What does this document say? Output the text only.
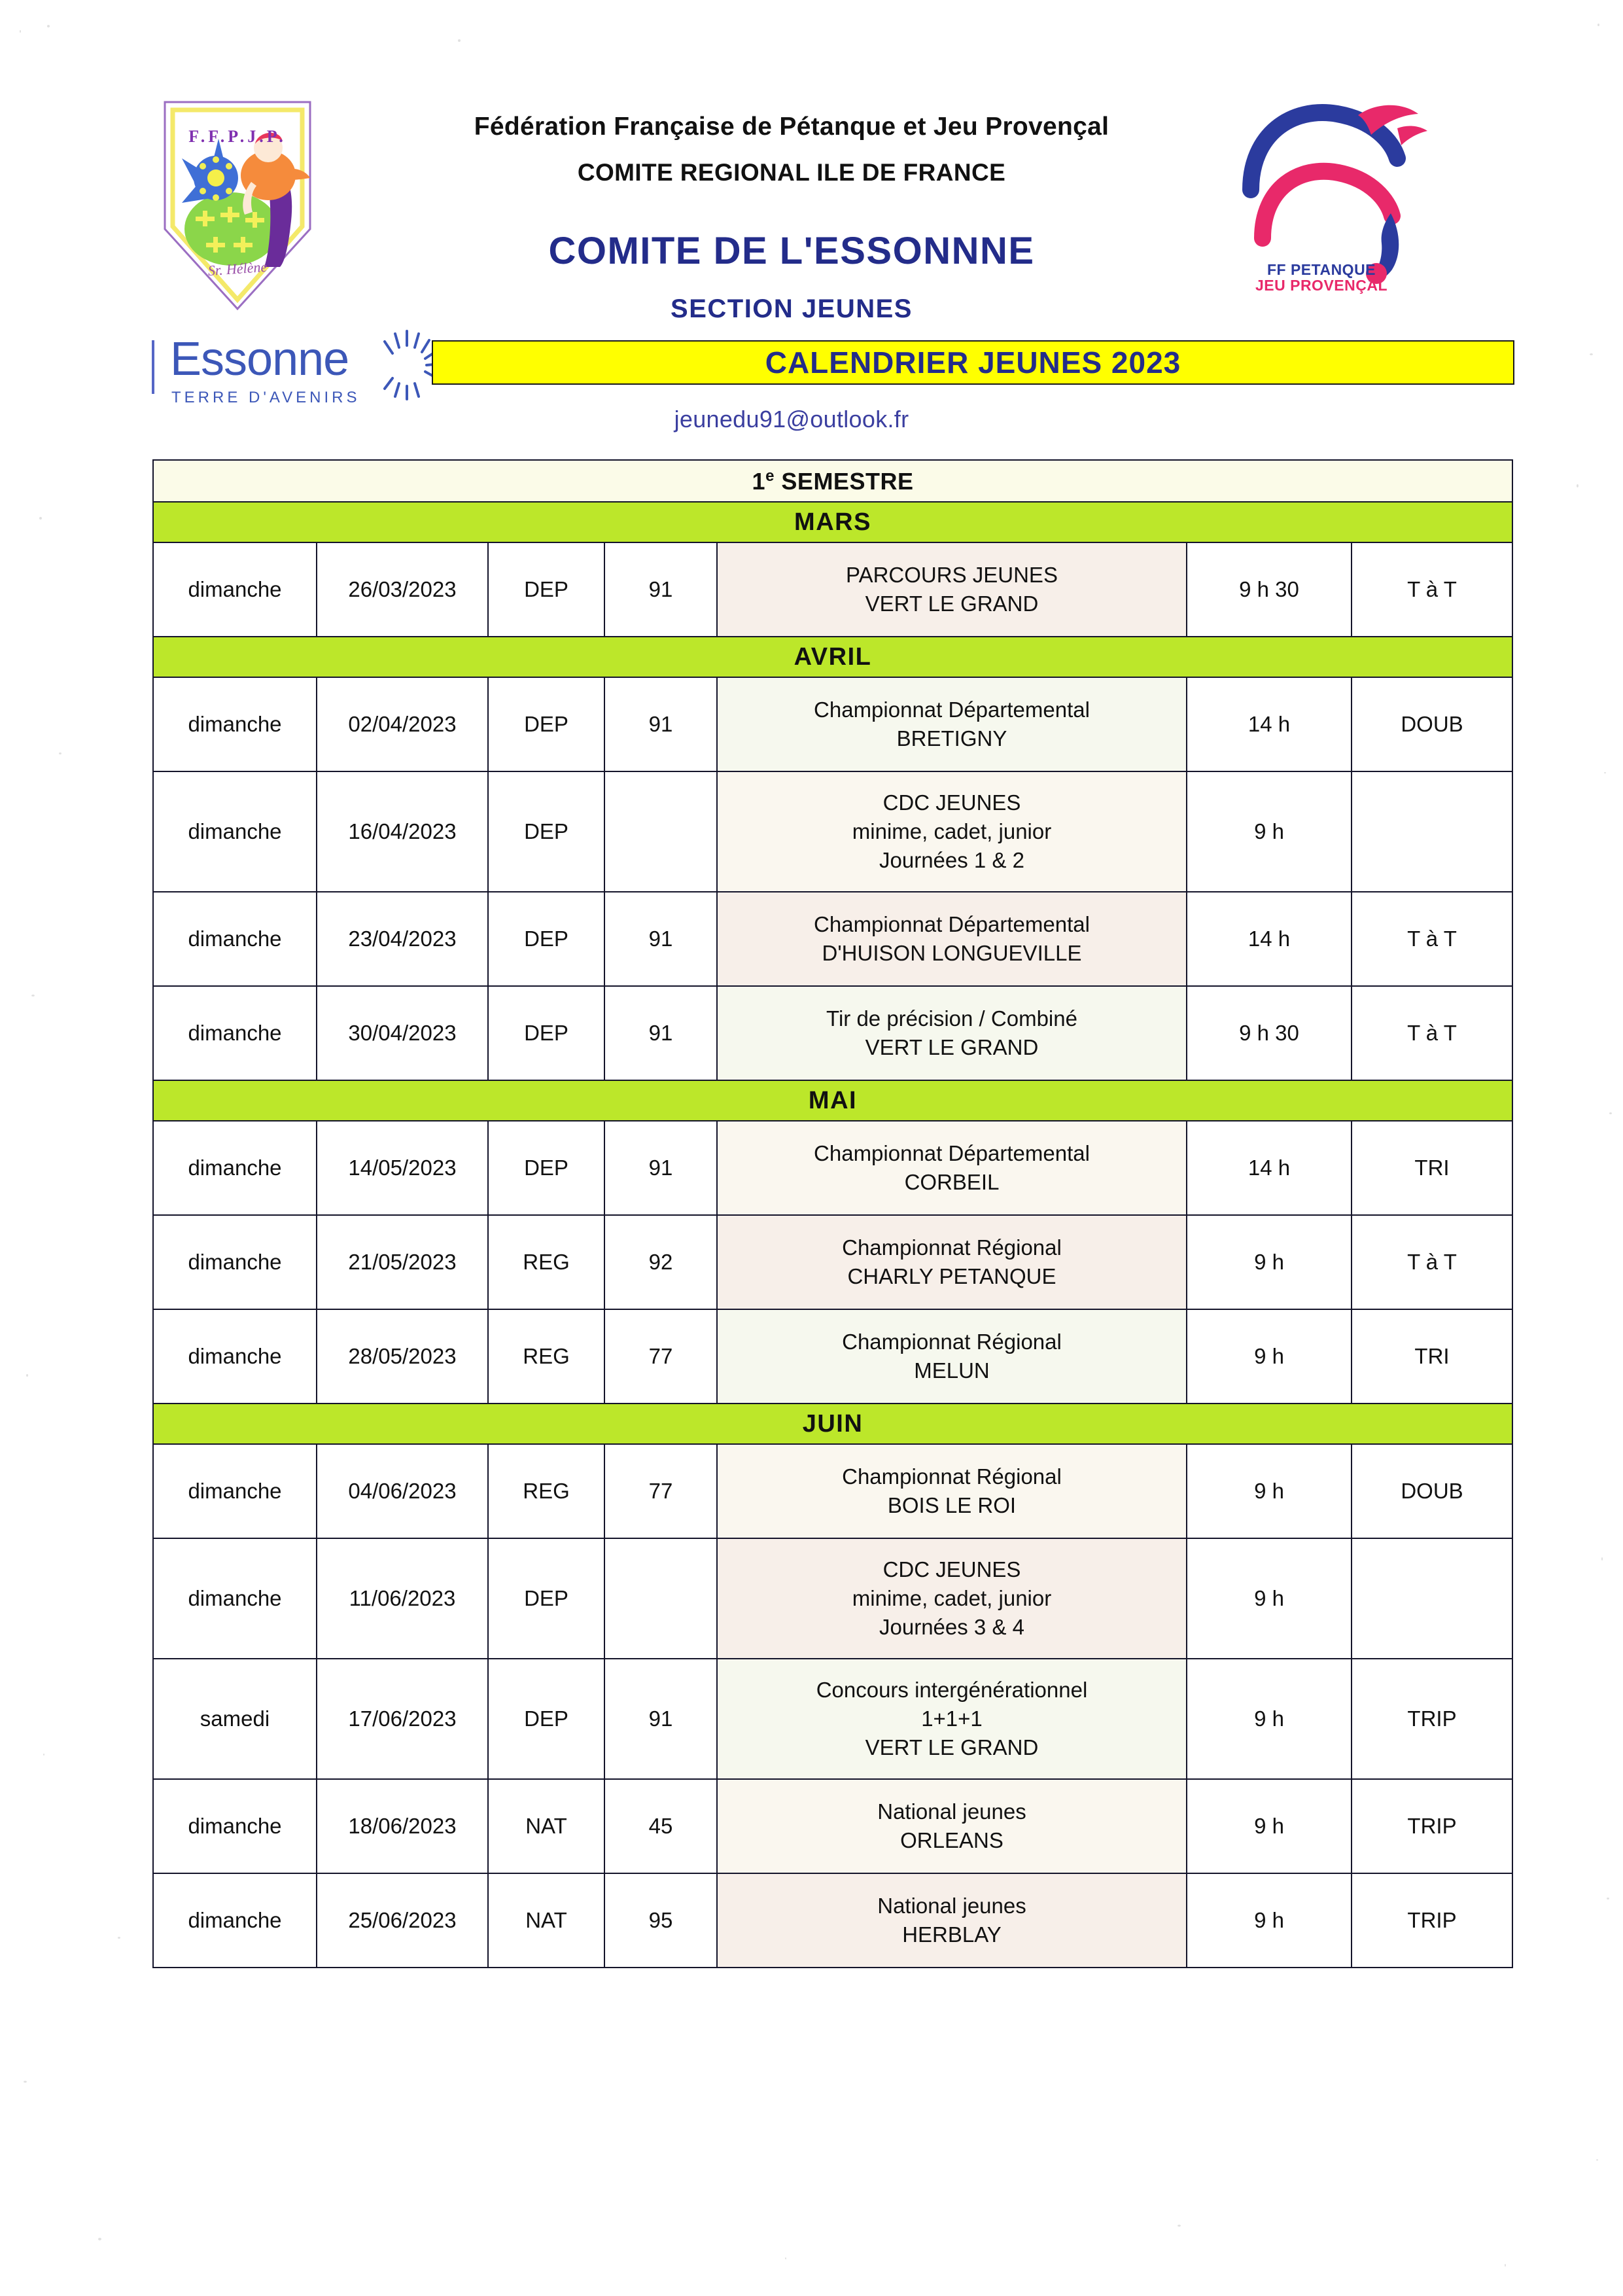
F.F.P.J.P.
Sr. Hélène	FF PETANQUE
JEU PROVENÇAL
Essonne
TERRE D'AVENIRS
Fédération Française de Pétanque et Jeu Provençal
COMITE REGIONAL ILE DE FRANCE
COMITE DE L'ESSONNNE
SECTION JEUNES
CALENDRIER JEUNES 2023
jeunedu91@outlook.fr
1e SEMESTRE						
MARS						
dimanche	26/03/2023	DEP	91	PARCOURS JEUNES
VERT LE GRAND	9 h 30	T à T
AVRIL						
dimanche	02/04/2023	DEP	91	Championnat Départemental
BRETIGNY	14 h	DOUB
dimanche	16/04/2023	DEP		CDC JEUNES
minime, cadet, junior
Journées 1 & 2	9 h	
dimanche	23/04/2023	DEP	91	Championnat Départemental
D'HUISON LONGUEVILLE	14 h	T à T
dimanche	30/04/2023	DEP	91	Tir de précision / Combiné
VERT LE GRAND	9 h 30	T à T
MAI						
dimanche	14/05/2023	DEP	91	Championnat Départemental
CORBEIL	14 h	TRI
dimanche	21/05/2023	REG	92	Championnat Régional
CHARLY PETANQUE	9 h	T à T
dimanche	28/05/2023	REG	77	Championnat Régional
MELUN	9 h	TRI
JUIN						
dimanche	04/06/2023	REG	77	Championnat Régional
BOIS LE ROI	9 h	DOUB
dimanche	11/06/2023	DEP		CDC JEUNES
minime, cadet, junior
Journées 3 & 4	9 h	
samedi	17/06/2023	DEP	91	Concours intergénérationnel
1+1+1
VERT LE GRAND	9 h	TRIP
dimanche	18/06/2023	NAT	45	National jeunes
ORLEANS	9 h	TRIP
dimanche	25/06/2023	NAT	95	National jeunes
HERBLAY	9 h	TRIP
